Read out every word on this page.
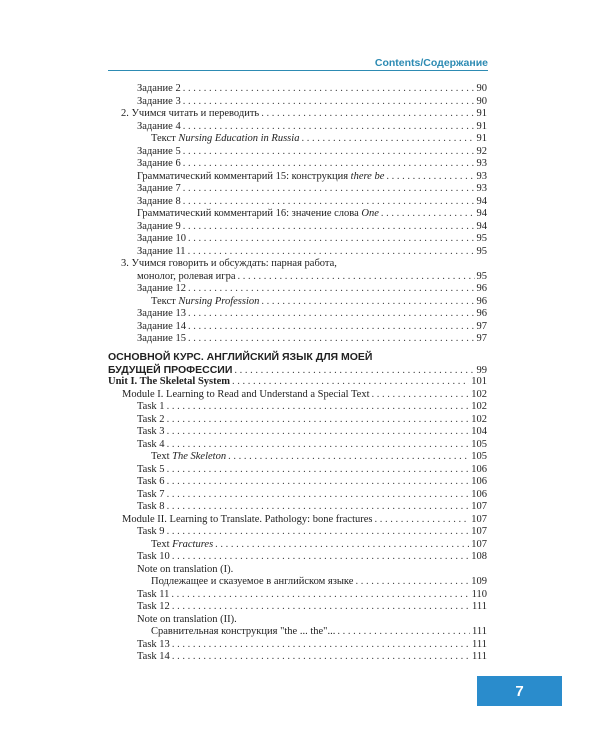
Contents/Содержание
Задание 2 . . .	90
Задание 3 . . .	90
2. Учимся читать и переводить . . .	91
Задание 4 . . .	91
Текст Nursing Education in Russia . . .	91
Задание 5 . . .	92
Задание 6 . . .	93
Грамматический комментарий 15: конструкция there be . . .	93
Задание 7 . . .	93
Задание 8 . . .	94
Грамматический комментарий 16: значение слова One . . .	94
Задание 9 . . .	94
Задание 10 . . .	95
Задание 11 . . .	95
3. Учимся говорить и обсуждать: парная работа,
монолог, ролевая игра . . .	95
Задание 12 . . .	96
Текст Nursing Profession . . .	96
Задание 13 . . .	96
Задание 14 . . .	97
Задание 15 . . .	97
ОСНОВНОЙ КУРС. АНГЛИЙСКИЙ ЯЗЫК ДЛЯ МОЕЙ
БУДУЩЕЙ ПРОФЕССИИ . . .	99
Unit I. The Skeletal System . . .	101
Module I. Learning to Read and Understand a Special Text . . .	102
Task 1 . . .	102
Task 2 . . .	102
Task 3 . . .	104
Task 4 . . .	105
Text The Skeleton . . .	105
Task 5 . . .	106
Task 6 . . .	106
Task 7 . . .	106
Task 8 . . .	107
Module II. Learning to Translate. Pathology: bone fractures . . .	107
Task 9 . . .	107
Text Fractures . . .	107
Task 10 . . .	108
Note on translation (I).
Подлежащее и сказуемое в английском языке . . .	109
Task 11 . . .	110
Task 12 . . .	111
Note on translation (II).
Сравнительная конструкция "the ... the"... . . .	111
Task 13 . . .	111
Task 14 . . .	111
7
